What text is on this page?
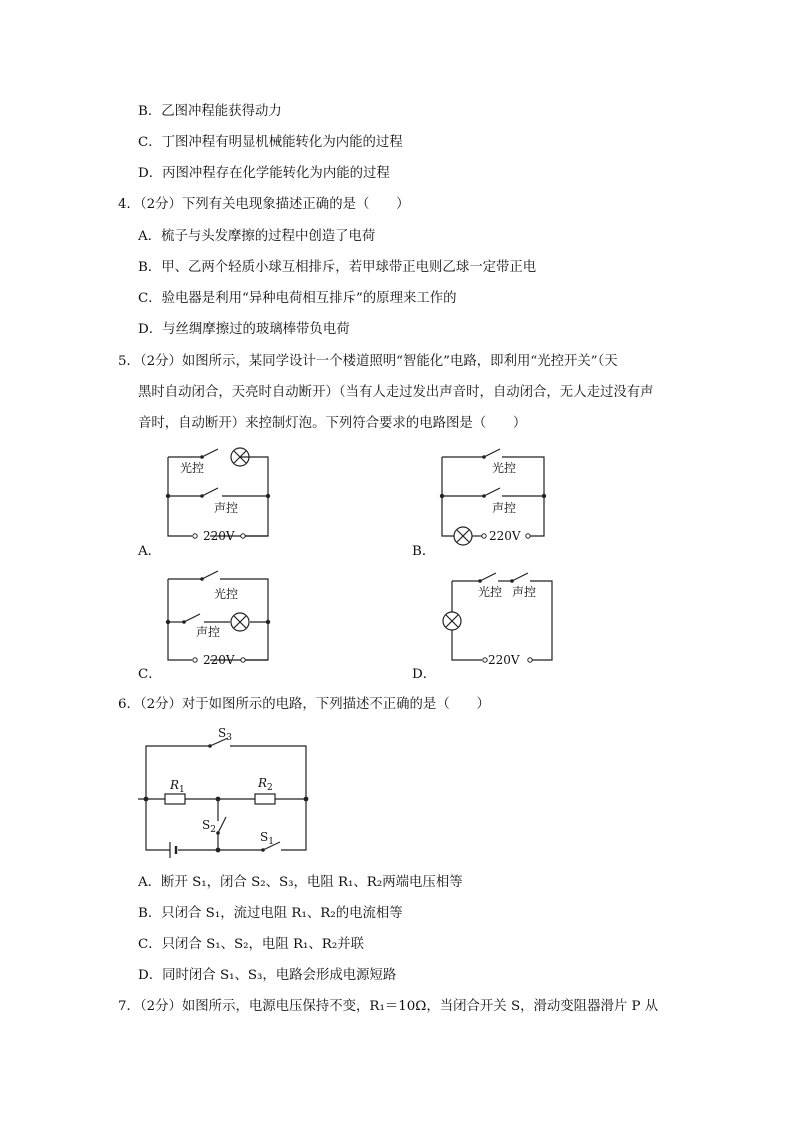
B．乙图冲程能获得动力
C．丁图冲程有明显机械能转化为内能的过程
D．丙图冲程存在化学能转化为内能的过程
4．（2分）下列有关电现象描述正确的是（　　）
A．梳子与头发摩擦的过程中创造了电荷
B．甲、乙两个轻质小球互相排斥，若甲球带正电则乙球一定带正电
C．验电器是利用“异种电荷相互排斥”的原理来工作的
D．与丝绸摩擦过的玻璃棒带负电荷
5．（2分）如图所示，某同学设计一个楼道照明“智能化”电路，即利用“光控开关”（天
黑时自动闭合，天亮时自动断开）（当有人走过发出声音时，自动闭合，无人走过没有声
音时，自动断开）来控制灯泡。下列符合要求的电路图是（　　）
光控
声控
220V
A．
光控
声控
220V
B．
光控
声控
220V
C．
光控 声控
220V
D．
6．（2分）对于如图所示的电路，下列描述不正确的是（　　）
$S_3$
$R_1$	$R_2$
$S_2$	$S_1$
A．断开 S₁，闭合 S₂、S₃，电阻 R₁、R₂两端电压相等
B．只闭合 S₁，流过电阻 R₁、R₂的电流相等
C．只闭合 S₁、S₂，电阻 R₁、R₂并联
D．同时闭合 S₁、S₃，电路会形成电源短路
7．（2分）如图所示，电源电压保持不变，R₁＝10Ω，当闭合开关 S，滑动变阻器滑片 P 从
